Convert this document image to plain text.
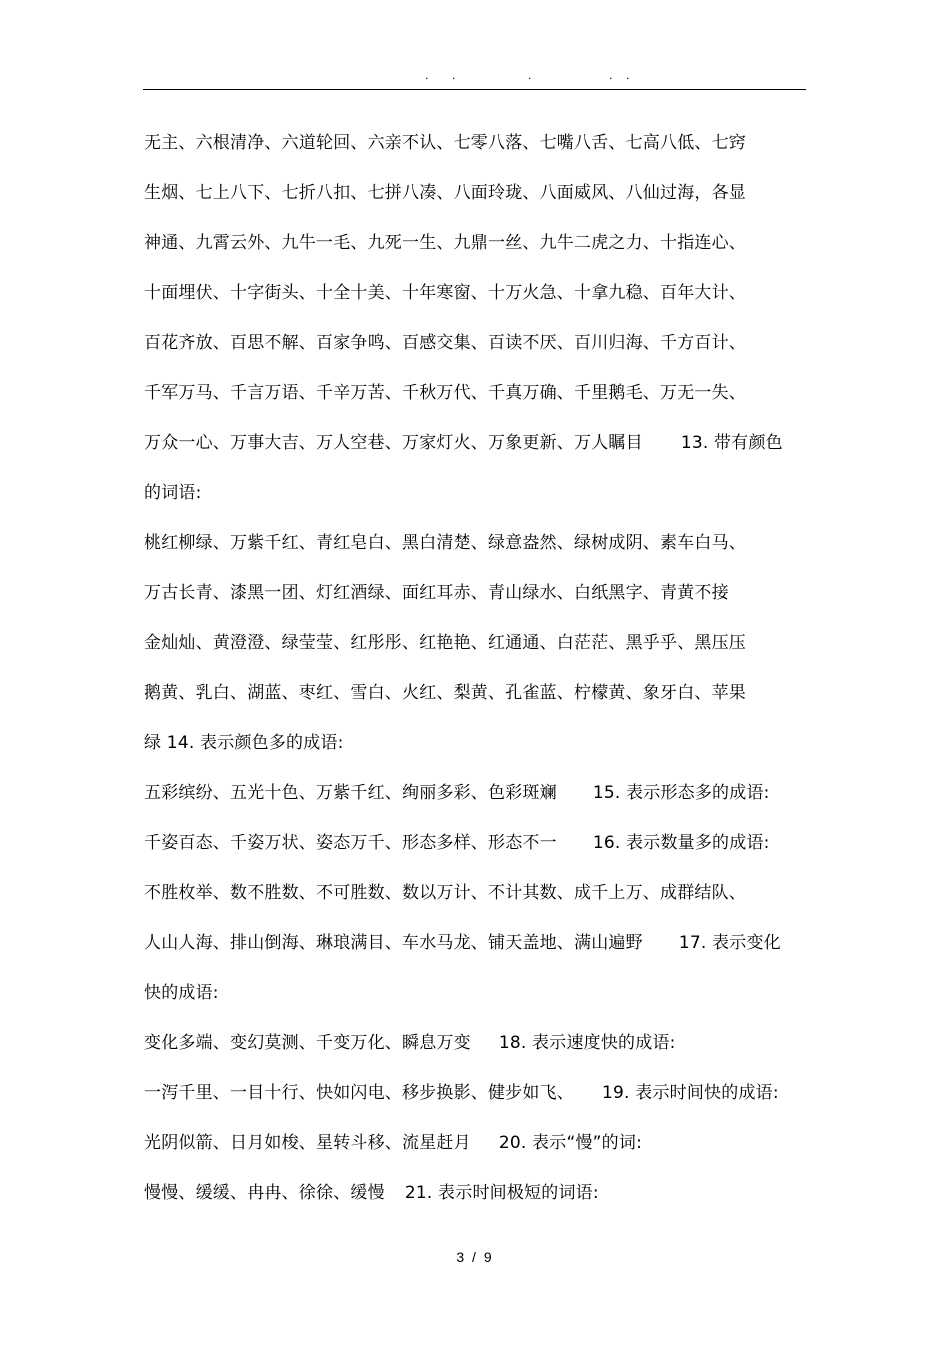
. .	.	. .
无主、六根清净、六道轮回、六亲不认、七零八落、七嘴八舌、七高八低、七窍
生烟、七上八下、七折八扣、七拼八凑、八面玲珑、八面威风、八仙过海，各显
神通、九霄云外、九牛一毛、九死一生、九鼎一丝、九牛二虎之力、十指连心、
十面埋伏、十字街头、十全十美、十年寒窗、十万火急、十拿九稳、百年大计、
百花齐放、百思不解、百家争鸣、百感交集、百读不厌、百川归海、千方百计、
千军万马、千言万语、千辛万苦、千秋万代、千真万确、千里鹅毛、万无一失、
万众一心、万事大吉、万人空巷、万家灯火、万象更新、万人瞩目 13. 带有颜色
的词语:
桃红柳绿、万紫千红、青红皂白、黑白清楚、绿意盎然、绿树成阴、素车白马、
万古长青、漆黑一团、灯红酒绿、面红耳赤、青山绿水、白纸黑字、青黄不接
金灿灿、黄澄澄、绿莹莹、红彤彤、红艳艳、红通通、白茫茫、黑乎乎、黑压压
鹅黄、乳白、湖蓝、枣红、雪白、火红、梨黄、孔雀蓝、柠檬黄、象牙白、苹果
绿 14. 表示颜色多的成语:
五彩缤纷、五光十色、万紫千红、绚丽多彩、色彩斑斓 15. 表示形态多的成语:
千姿百态、千姿万状、姿态万千、形态多样、形态不一 16. 表示数量多的成语:
不胜枚举、数不胜数、不可胜数、数以万计、不计其数、成千上万、成群结队、
人山人海、排山倒海、琳琅满目、车水马龙、铺天盖地、满山遍野 17. 表示变化
快的成语:
变化多端、变幻莫测、千变万化、瞬息万变 18. 表示速度快的成语:
一泻千里、一目十行、快如闪电、移步换影、健步如飞、 19. 表示时间快的成语:
光阴似箭、日月如梭、星转斗移、流星赶月 20. 表示“慢”的词:
慢慢、缓缓、冉冉、徐徐、缓慢 21. 表示时间极短的词语:
3 / 9
